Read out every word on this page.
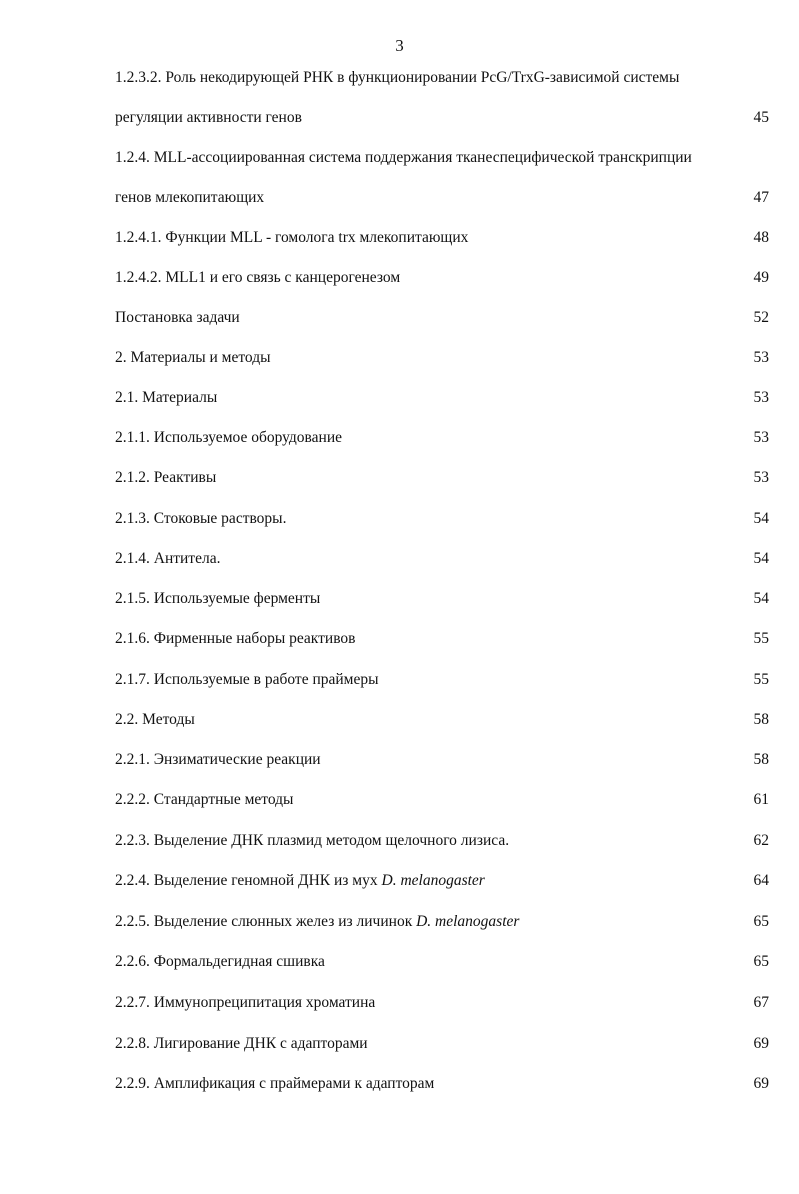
3
1.2.3.2. Роль некодирующей РНК в функционировании PcG/TrxG-зависимой системы регуляции активности генов	45
1.2.4. MLL-ассоциированная система поддержания тканеспецифической транскрипции генов млекопитающих	47
1.2.4.1. Функции MLL - гомолога trx млекопитающих	48
1.2.4.2. MLL1 и его связь с канцерогенезом	49
Постановка задачи	52
2. Материалы и методы	53
2.1. Материалы	53
2.1.1. Используемое оборудование	53
2.1.2. Реактивы	53
2.1.3. Стоковые растворы.	54
2.1.4. Антитела.	54
2.1.5. Используемые ферменты	54
2.1.6. Фирменные наборы реактивов	55
2.1.7. Используемые в работе праймеры	55
2.2. Методы	58
2.2.1. Энзиматические реакции	58
2.2.2. Стандартные методы	61
2.2.3. Выделение ДНК плазмид методом щелочного лизиса.	62
2.2.4. Выделение геномной ДНК из мух D. melanogaster	64
2.2.5. Выделение слюнных желез из личинок D. melanogaster	65
2.2.6. Формальдегидная сшивка	65
2.2.7. Иммунопреципитация хроматина	67
2.2.8. Лигирование ДНК с адапторами	69
2.2.9. Амплификация с праймерами к адапторам	69
